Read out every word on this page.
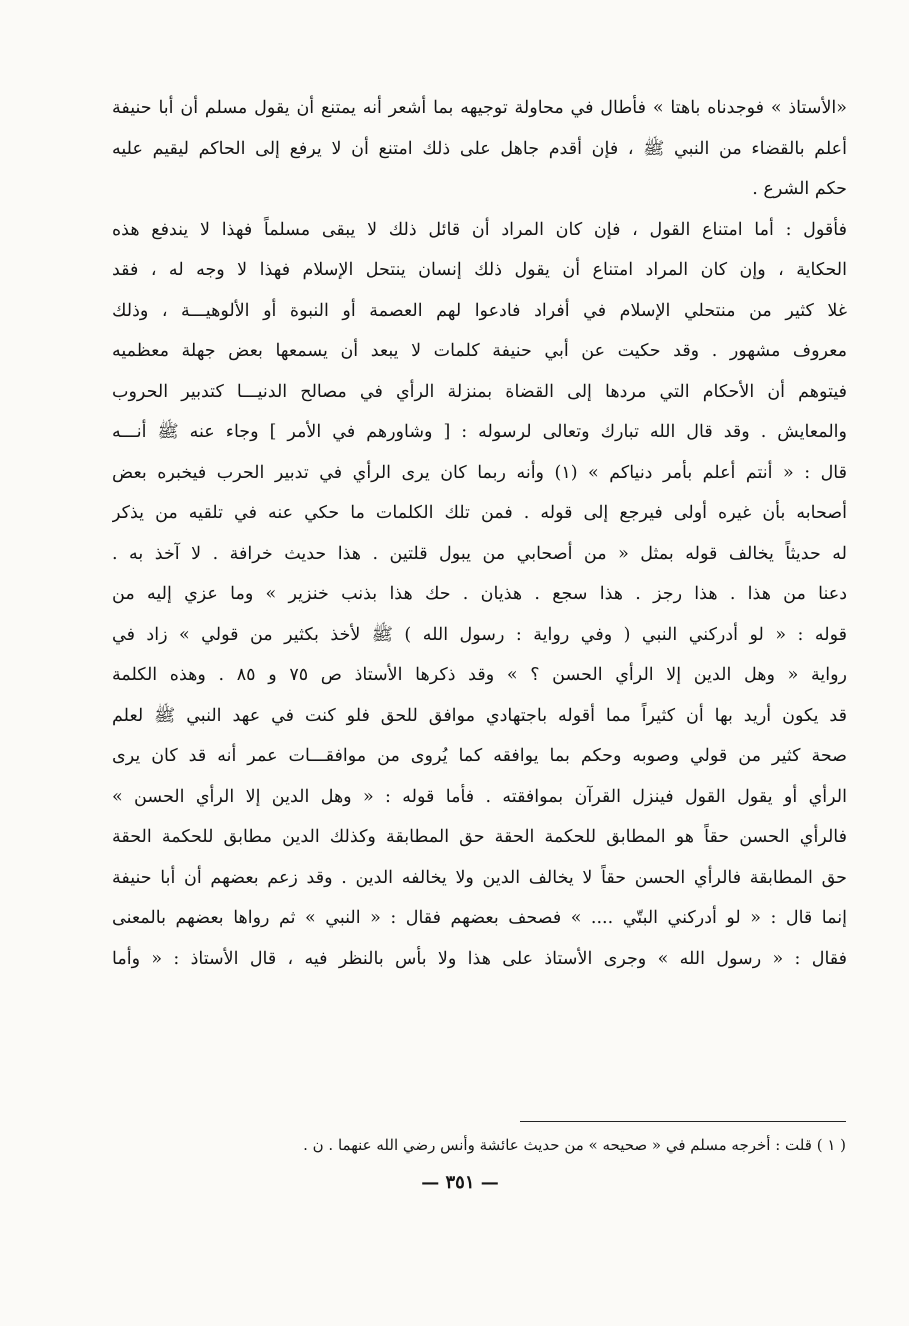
«الأستاذ » فوجدناه باهتا » فأطال في محاولة توجيهه بما أشعر أنه يمتنع أن يقول مسلم أن أبا حنيفة
أعلم بالقضاء من النبي ﷺ ، فإن أقدم جاهل على ذلك امتنع أن لا يرفع إلى الحاكم ليقيم عليه
حكم الشرع .
فأقول : أما امتناع القول ، فإن كان المراد أن قائل ذلك لا يبقى مسلماً فهذا لا يندفع هذه
الحكاية ، وإن كان المراد امتناع أن يقول ذلك إنسان ينتحل الإسلام فهذا لا وجه له ، فقد
غلا كثير من منتحلي الإسلام في أفراد فادعوا لهم العصمة أو النبوة أو الألوهيـــة ، وذلك
معروف مشهور . وقد حكيت عن أبي حنيفة كلمات لا يبعد أن يسمعها بعض جهلة معظميه
فيتوهم أن الأحكام التي مردها إلى القضاة بمنزلة الرأي في مصالح الدنيـــا كتدبير الحروب
والمعايش . وقد قال الله تبارك وتعالى لرسوله : [ وشاورهم في الأمر ] وجاء عنه ﷺ أنـــه
قال : « أنتم أعلم بأمر دنياكم » (١) وأنه ربما كان يرى الرأي في تدبير الحرب فيخبره بعض
أصحابه بأن غيره أولى فيرجع إلى قوله . فمن تلك الكلمات ما حكي عنه في تلقيه من يذكر
له حديثاً يخالف قوله بمثل « من أصحابي من يبول قلتين . هذا حديث خرافة . لا آخذ به .
دعنا من هذا . هذا رجز . هذا سجع . هذيان . حك هذا بذنب خنزير » وما عزي إليه من
قوله : « لو أدركني النبي ( وفي رواية : رسول الله ) ﷺ لأخذ بكثير من قولي » زاد في
رواية « وهل الدين إلا الرأي الحسن ؟ » وقد ذكرها الأستاذ ص ٧٥ و ٨٥ . وهذه الكلمة
قد يكون أريد بها أن كثيراً مما أقوله باجتهادي موافق للحق فلو كنت في عهد النبي ﷺ لعلم
صحة كثير من قولي وصوبه وحكم بما يوافقه كما يُروى من موافقـــات عمر أنه قد كان يرى
الرأي أو يقول القول فينزل القرآن بموافقته . فأما قوله : « وهل الدين إلا الرأي الحسن »
فالرأي الحسن حقاً هو المطابق للحكمة الحقة حق المطابقة وكذلك الدين مطابق للحكمة الحقة
حق المطابقة فالرأي الحسن حقاً لا يخالف الدين ولا يخالفه الدين . وقد زعم بعضهم أن أبا حنيفة
إنما قال : « لو أدركني البتّي .... » فصحف بعضهم فقال : « النبي » ثم رواها بعضهم بالمعنى
فقال : « رسول الله » وجرى الأستاذ على هذا ولا بأس بالنظر فيه ، قال الأستاذ : « وأما
( ١ ) قلت : أخرجه مسلم في « صحيحه » من حديث عائشة وأنس رضي الله عنهما . ن .
— ٣٥١ —
